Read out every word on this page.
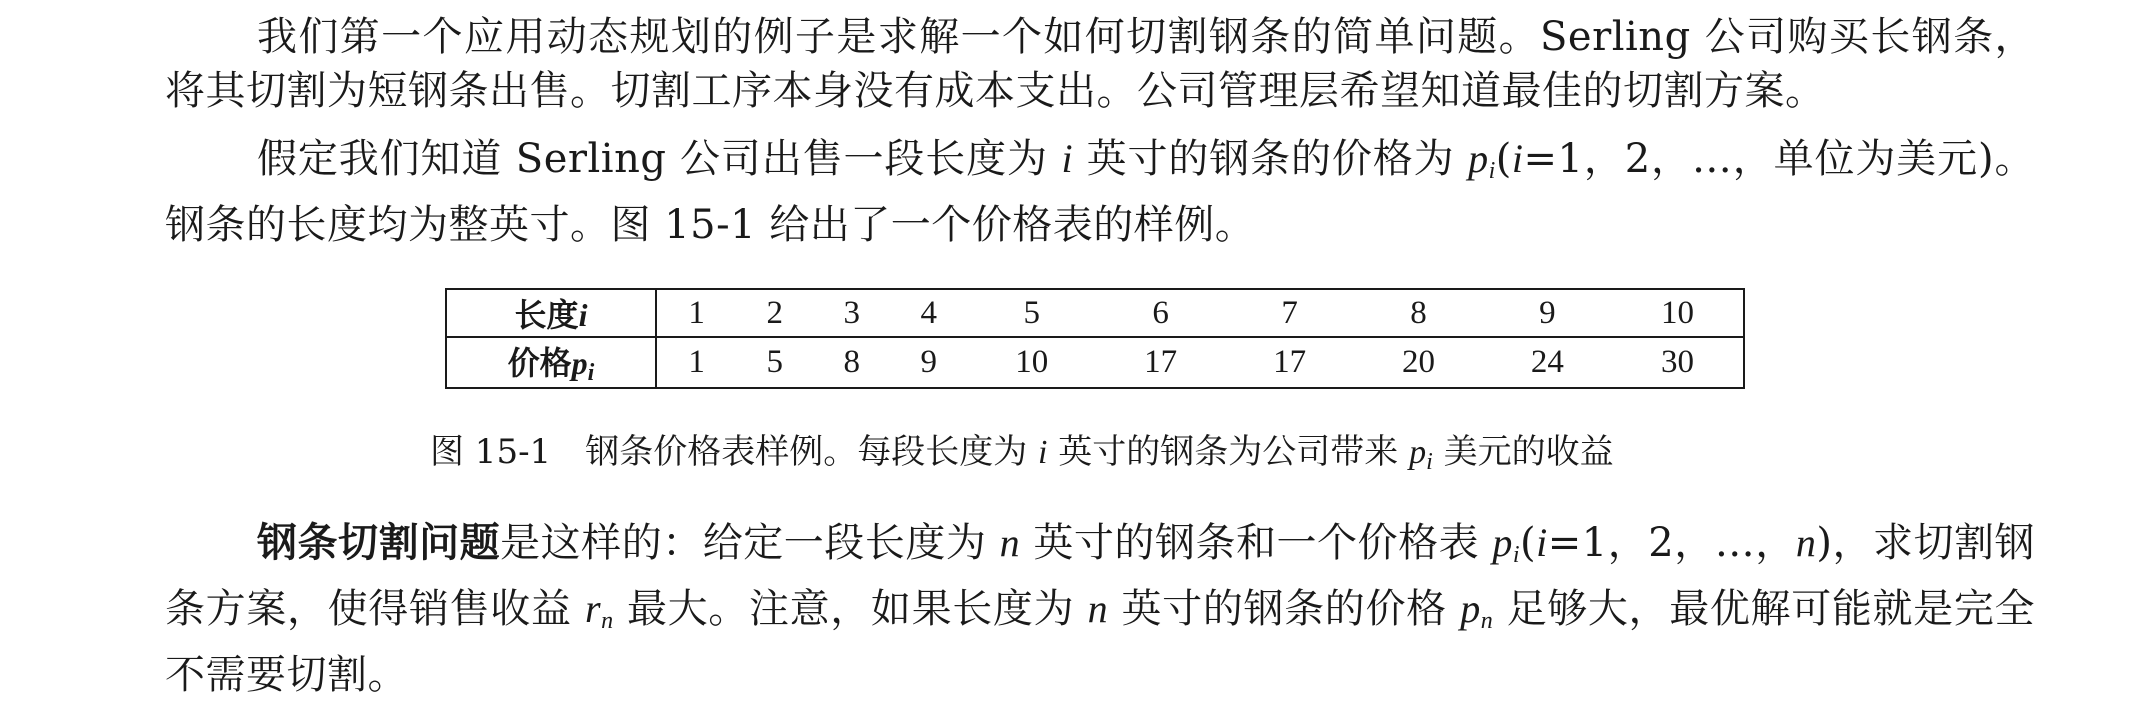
我们第一个应用动态规划的例子是求解一个如何切割钢条的简单问题。Serling 公司购买长钢条，将其切割为短钢条出售。切割工序本身没有成本支出。公司管理层希望知道最佳的切割方案。

假定我们知道 Serling 公司出售一段长度为 i 英寸的钢条的价格为 $p_i(i=1$，2，…，单位为美元)。钢条的长度均为整英寸。图 15-1 给出了一个价格表的样例。

长度i	1	2	3	4	5	6	7	8	9	10
价格$p_i$	1	5	8	9	10	17	17	20	24	30
图 15-1 钢条价格表样例。每段长度为 i 英寸的钢条为公司带来 $p_i$ 美元的收益

钢条切割问题是这样的：给定一段长度为 n 英寸的钢条和一个价格表 $p_i(i=1$，2，…，n)，求切割钢条方案，使得销售收益 $r_n$ 最大。注意，如果长度为 n 英寸的钢条的价格 $p_n$ 足够大，最优解可能就是完全不需要切割。
